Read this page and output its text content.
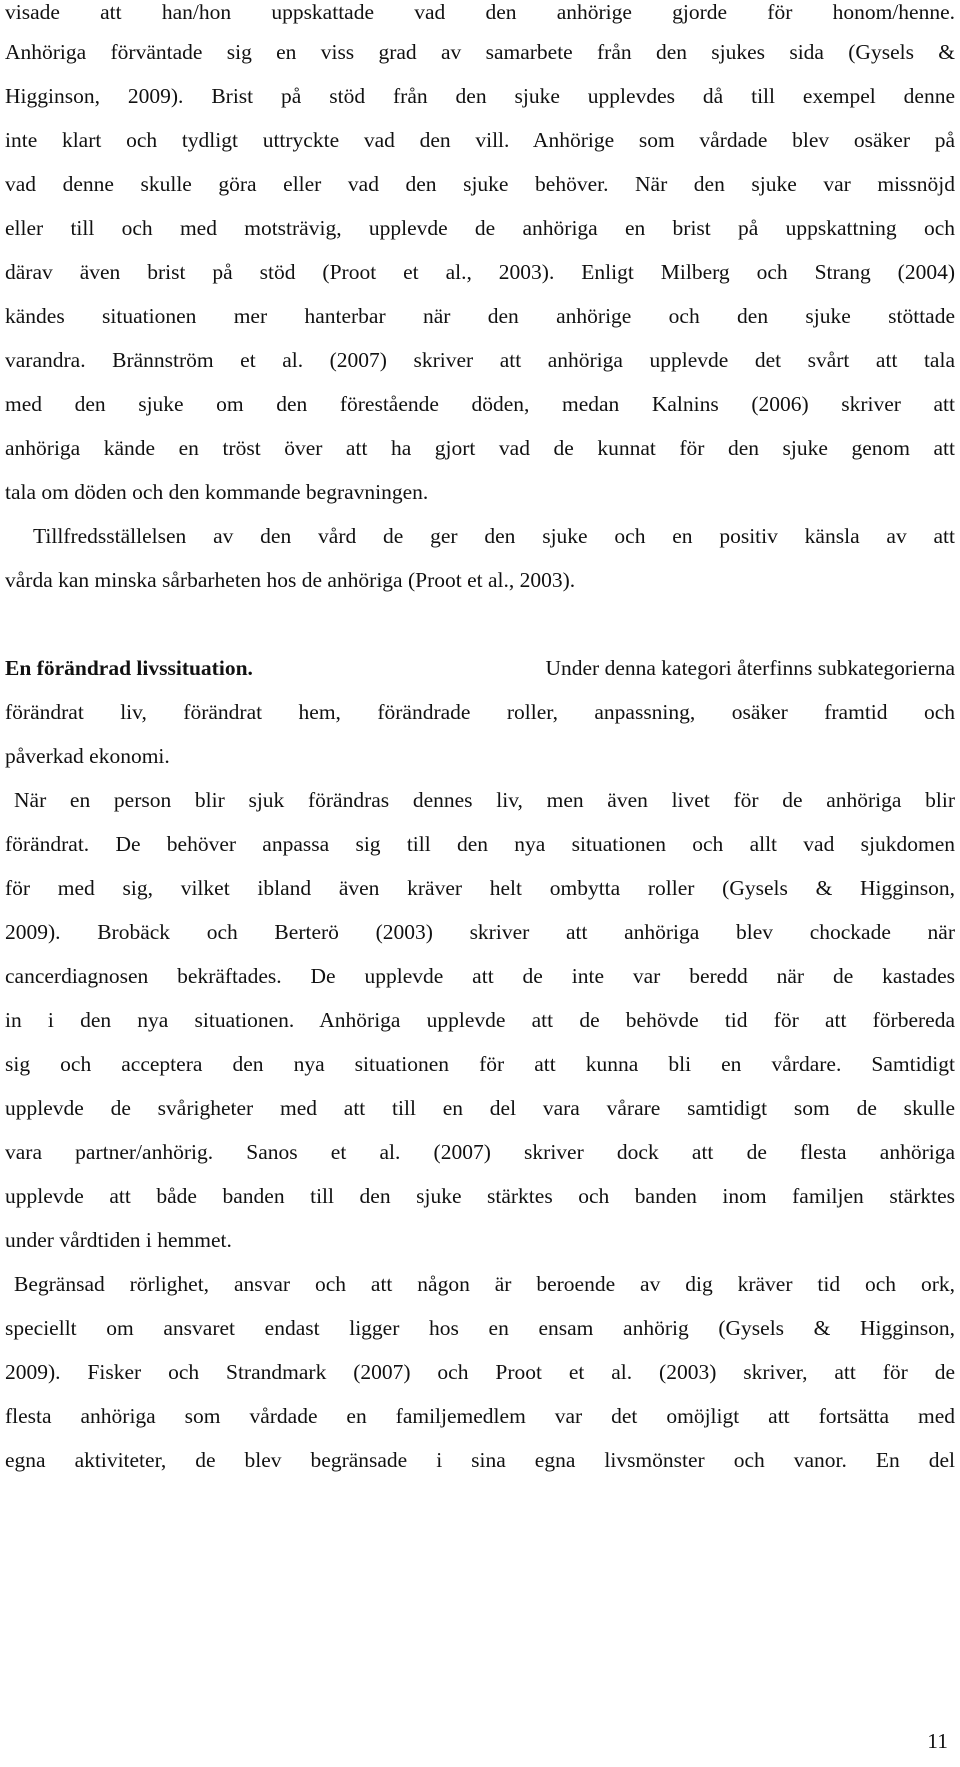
visade att han/hon uppskattade vad den anhörige gjorde för honom/henne.
Anhöriga förväntade sig en viss grad av samarbete från den sjukes sida (Gysels &
Higginson, 2009). Brist på stöd från den sjuke upplevdes då till exempel denne
inte klart och tydligt uttryckte vad den vill. Anhörige som vårdade blev osäker på
vad denne skulle göra eller vad den sjuke behöver. När den sjuke var missnöjd
eller till och med motsträvig, upplevde de anhöriga en brist på uppskattning och
därav även brist på stöd (Proot et al., 2003). Enligt Milberg och Strang (2004)
kändes situationen mer hanterbar när den anhörige och den sjuke stöttade
varandra. Brännström et al. (2007) skriver att anhöriga upplevde det svårt att tala
med den sjuke om den förestående döden, medan Kalnins (2006) skriver att
anhöriga kände en tröst över att ha gjort vad de kunnat för den sjuke genom att
tala om döden och den kommande begravningen.
Tillfredsställelsen av den vård de ger den sjuke och en positiv känsla av att
vårda kan minska sårbarheten hos de anhöriga (Proot et al., 2003).
En förändrad livssituation.	Under denna kategori återfinns subkategorierna
förändrat liv, förändrat hem, förändrade roller, anpassning, osäker framtid och
påverkad ekonomi.
När en person blir sjuk förändras dennes liv, men även livet för de anhöriga blir
förändrat. De behöver anpassa sig till den nya situationen och allt vad sjukdomen
för med sig, vilket ibland även kräver helt ombytta roller (Gysels & Higginson,
2009). Brobäck och Berterö (2003) skriver att anhöriga blev chockade när
cancerdiagnosen bekräftades. De upplevde att de inte var beredd när de kastades
in i den nya situationen. Anhöriga upplevde att de behövde tid för att förbereda
sig och acceptera den nya situationen för att kunna bli en vårdare. Samtidigt
upplevde de svårigheter med att till en del vara vårare samtidigt som de skulle
vara partner/anhörig. Sanos et al. (2007) skriver dock att de flesta anhöriga
upplevde att både banden till den sjuke stärktes och banden inom familjen stärktes
under vårdtiden i hemmet.
Begränsad rörlighet, ansvar och att någon är beroende av dig kräver tid och ork,
speciellt om ansvaret endast ligger hos en ensam anhörig (Gysels & Higginson,
2009). Fisker och Strandmark (2007) och Proot et al. (2003) skriver, att för de
flesta anhöriga som vårdade en familjemedlem var det omöjligt att fortsätta med
egna aktiviteter, de blev begränsade i sina egna livsmönster och vanor. En del
11
